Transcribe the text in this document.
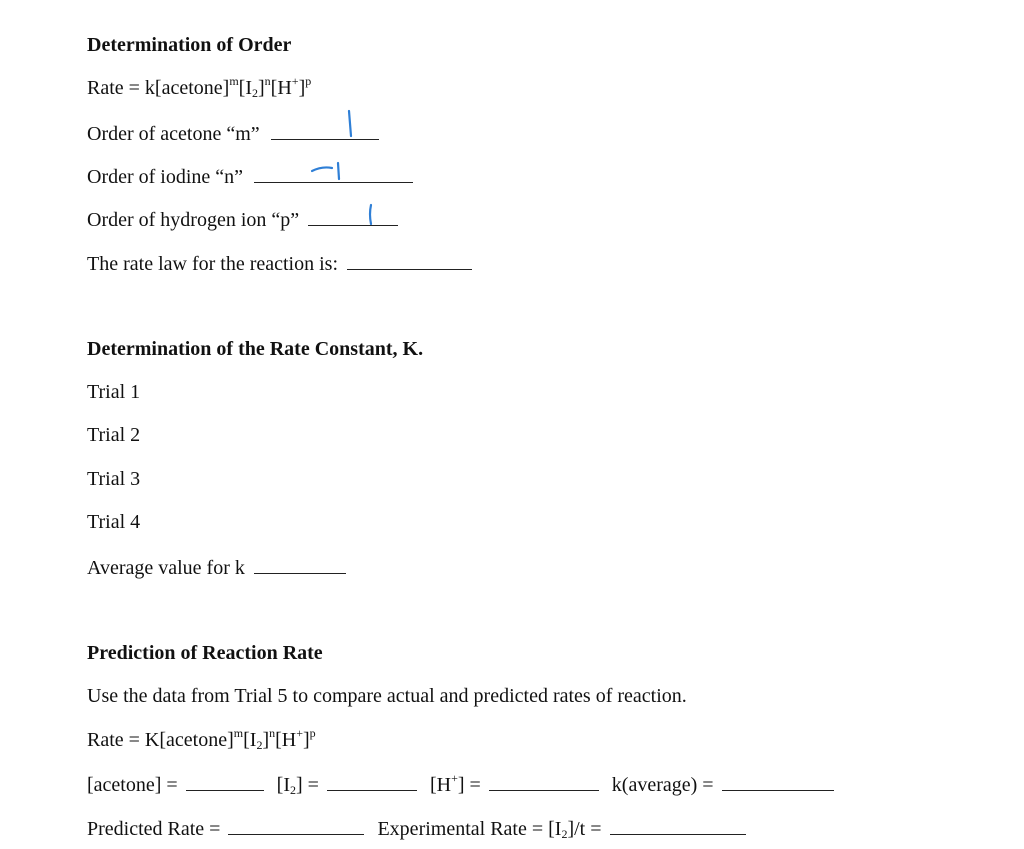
Determination of Order
Rate = $k[acetone]^m[I_2]^n[H^+]^p$
Order of acetone “m”
Order of iodine “n”
Order of hydrogen ion “p”
The rate law for the reaction is:
Determination of the Rate Constant, K.
Trial 1
Trial 2
Trial 3
Trial 4
Average value for k
Prediction of Reaction Rate
Use the data from Trial 5 to compare actual and predicted rates of reaction.
Rate = $K[acetone]^m[I_2]^n[H^+]^p$
[acetone] =	$[I_2]$ =	[H+] =	k(average) =
Predicted Rate =	Experimental Rate = $[I_2]/t$ =
